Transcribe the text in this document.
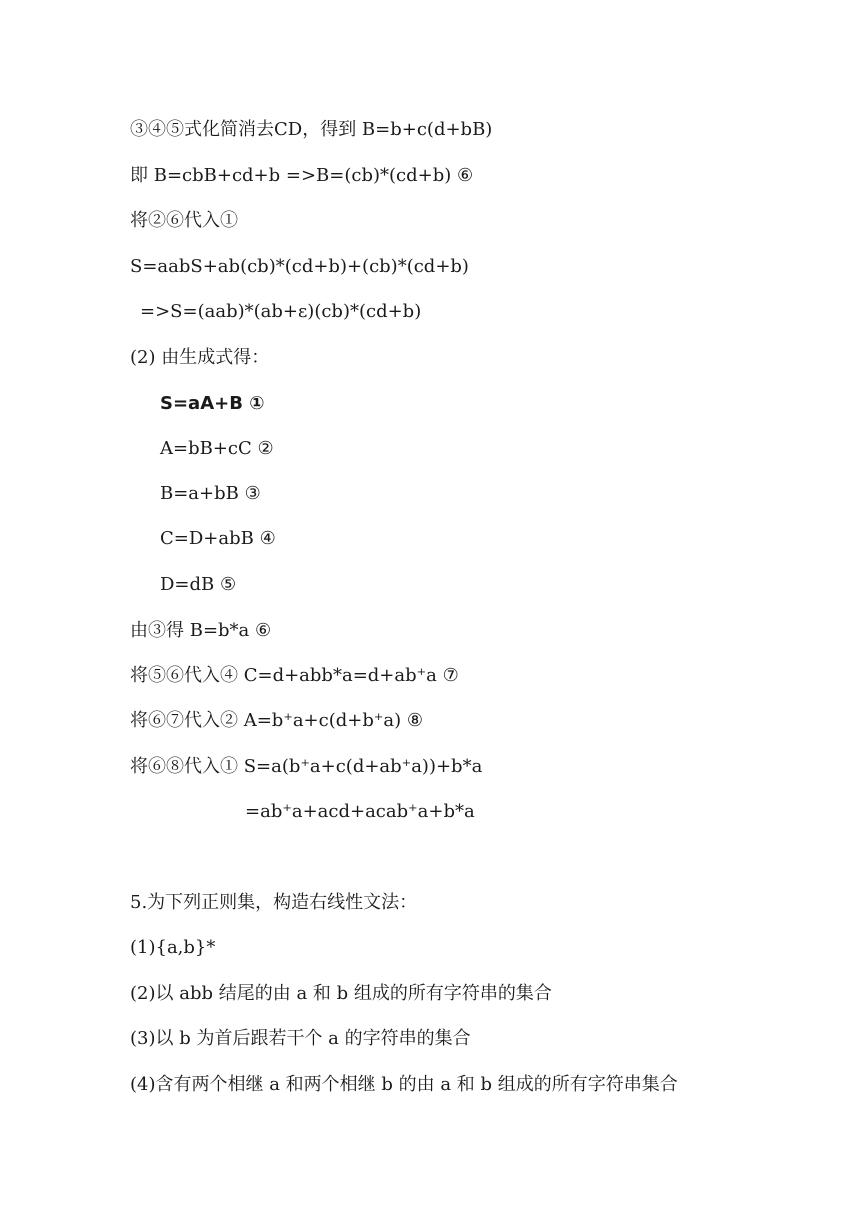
③④⑤式化简消去CD，得到 B=b+c(d+bB)
即 B=cbB+cd+b =>B=(cb)*(cd+b) ⑥
将②⑥代入①
S=aabS+ab(cb)*(cd+b)+(cb)*(cd+b)
=>S=(aab)*(ab+ε)(cb)*(cd+b)
(2) 由生成式得：
S=aA+B ①
A=bB+cC ②
B=a+bB ③
C=D+abB ④
D=dB ⑤
由③得 B=b*a ⑥
将⑤⑥代入④ C=d+abb*a=d+ab⁺a ⑦
将⑥⑦代入② A=b⁺a+c(d+b⁺a) ⑧
将⑥⑧代入① S=a(b⁺a+c(d+ab⁺a))+b*a
=ab⁺a+acd+acab⁺a+b*a
5.为下列正则集，构造右线性文法：
(1){a,b}*
(2)以 abb 结尾的由 a 和 b 组成的所有字符串的集合
(3)以 b 为首后跟若干个 a 的字符串的集合
(4)含有两个相继 a 和两个相继 b 的由 a 和 b 组成的所有字符串集合
